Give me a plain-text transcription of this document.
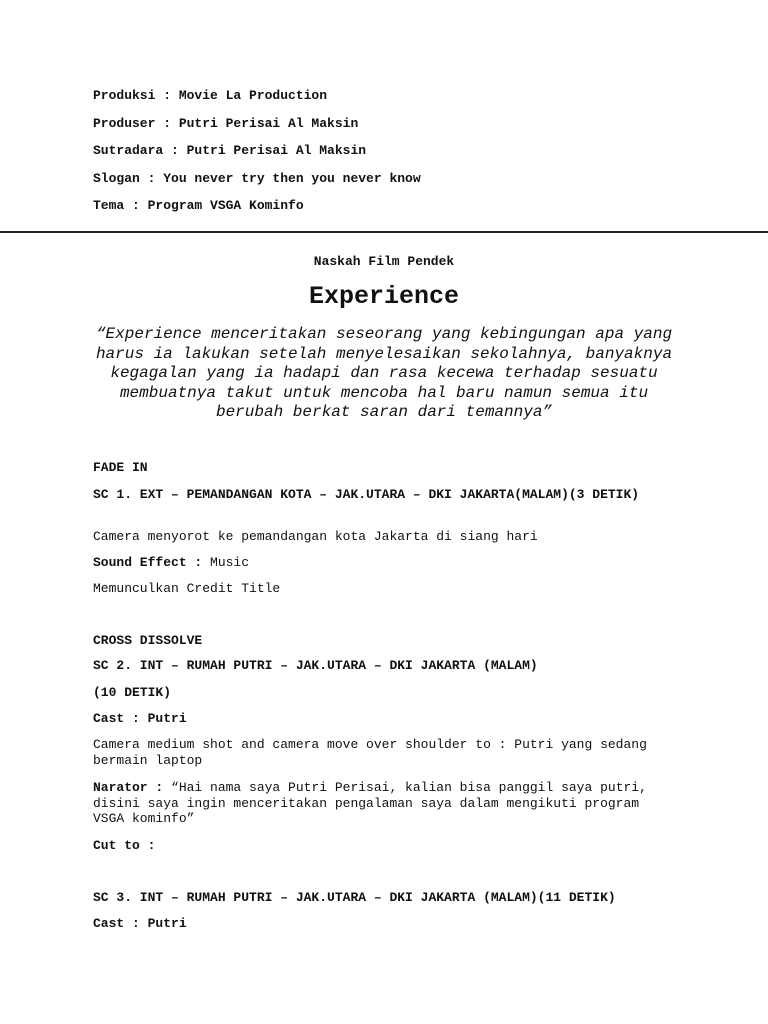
Produksi : Movie La Production
Produser : Putri Perisai Al Maksin
Sutradara : Putri Perisai Al Maksin
Slogan : You never try then you never know
Tema : Program VSGA Kominfo
Naskah Film Pendek
Experience
“Experience menceritakan seseorang yang kebingungan apa yang harus ia lakukan setelah menyelesaikan sekolahnya, banyaknya kegagalan yang ia hadapi dan rasa kecewa terhadap sesuatu membuatnya takut untuk mencoba hal baru namun semua itu berubah berkat saran dari temannya”
FADE IN
SC 1. EXT – PEMANDANGAN KOTA – JAK.UTARA – DKI JAKARTA(MALAM)(3 DETIK)
Camera menyorot ke pemandangan kota Jakarta di siang hari
Sound Effect : Music
Memunculkan Credit Title
CROSS DISSOLVE
SC 2. INT – RUMAH PUTRI – JAK.UTARA – DKI JAKARTA (MALAM)
(10 DETIK)
Cast : Putri
Camera medium shot and camera move over shoulder to : Putri yang sedang bermain laptop
Narator : “Hai nama saya Putri Perisai, kalian bisa panggil saya putri, disini saya ingin menceritakan pengalaman saya dalam mengikuti program VSGA kominfo”
Cut to :
SC 3. INT – RUMAH PUTRI – JAK.UTARA – DKI JAKARTA (MALAM)(11 DETIK)
Cast : Putri
